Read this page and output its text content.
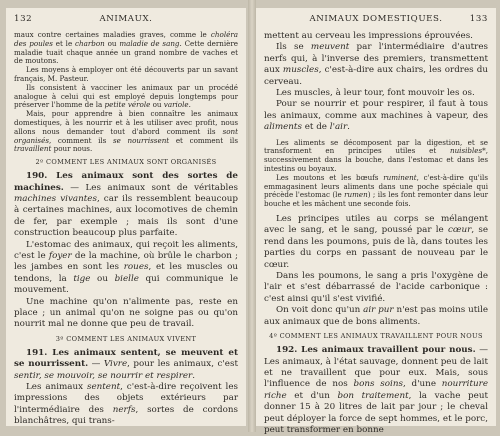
132	ANIMAUX.

maux contre certaines maladies graves, comme le choléra des poules et le charbon ou maladie de sang. Cette dernière maladie tuait chaque année un grand nombre de vaches et de moutons.

Les moyens à employer ont été découverts par un savant français, M. Pasteur.

Ils consistent à vacciner les animaux par un procédé analogue à celui qui est employé depuis longtemps pour préserver l'homme de la petite vérole ou variole.

Mais, pour apprendre à bien connaître les animaux domestiques, à les nourrir et à les utiliser avec profit, nous allons nous demander tout d'abord comment ils sont organisés, comment ils se nourrissent et comment ils travaillent pour nous.

2º COMMENT LES ANIMAUX SONT ORGANISÉS

190. Les animaux sont des sortes de machines. — Les animaux sont de véritables machines vivantes, car ils ressemblent beaucoup à certaines machines, aux locomotives de chemin de fer, par exemple ; mais ils sont d'une construction beaucoup plus parfaite.

L'estomac des animaux, qui reçoit les aliments, c'est le foyer de la machine, où brûle le charbon ; les jambes en sont les roues, et les muscles ou tendons, la tige ou bielle qui communique le mouvement.

Une machine qu'on n'alimente pas, reste en place ; un animal qu'on ne soigne pas ou qu'on nourrit mal ne donne que peu de travail.

3º COMMENT LES ANIMAUX VIVENT

191. Les animaux sentent, se meuvent et se nourrissent. — Vivre, pour les animaux, c'est sentir, se mouvoir, se nourrir et respirer.

Les animaux sentent, c'est-à-dire reçoivent les impressions des objets extérieurs par l'intermédiaire des nerfs, sortes de cordons blanchâtres, qui trans-

ANIMAUX DOMESTIQUES.	133

mettent au cerveau les impressions éprouvées.

Ils se meuvent par l'intermédiaire d'autres nerfs qui, à l'inverse des premiers, transmettent aux muscles, c'est-à-dire aux chairs, les ordres du cerveau.

Les muscles, à leur tour, font mouvoir les os.

Pour se nourrir et pour respirer, il faut à tous les animaux, comme aux machines à vapeur, des aliments et de l'air.

Les aliments se décomposent par la digestion, et se transforment en principes utiles et nuisibles*, successivement dans la bouche, dans l'estomac et dans les intestins ou boyaux.

Les moutons et les bœufs ruminent, c'est-à-dire qu'ils emmagasinent leurs aliments dans une poche spéciale qui précède l'estomac (le rumen) ; ils les font remonter dans leur bouche et les mâchent une seconde fois.

Les principes utiles au corps se mélangent avec le sang, et le sang, poussé par le cœur, se rend dans les poumons, puis de là, dans toutes les parties du corps en passant de nouveau par le cœur.

Dans les poumons, le sang a pris l'oxygène de l'air et s'est débarrassé de l'acide carbonique : c'est ainsi qu'il s'est vivifié.

On voit donc qu'un air pur n'est pas moins utile aux animaux que de bons aliments.

4º COMMENT LES ANIMAUX TRAVAILLENT POUR NOUS

192. Les animaux travaillent pour nous. — Les animaux, à l'état sauvage, donnent peu de lait et ne travaillent que pour eux. Mais, sous l'influence de nos bons soins, d'une nourriture riche et d'un bon traitement, la vache peut donner 15 à 20 litres de lait par jour ; le cheval peut déployer la force de sept hommes, et le porc, peut transformer en bonne
